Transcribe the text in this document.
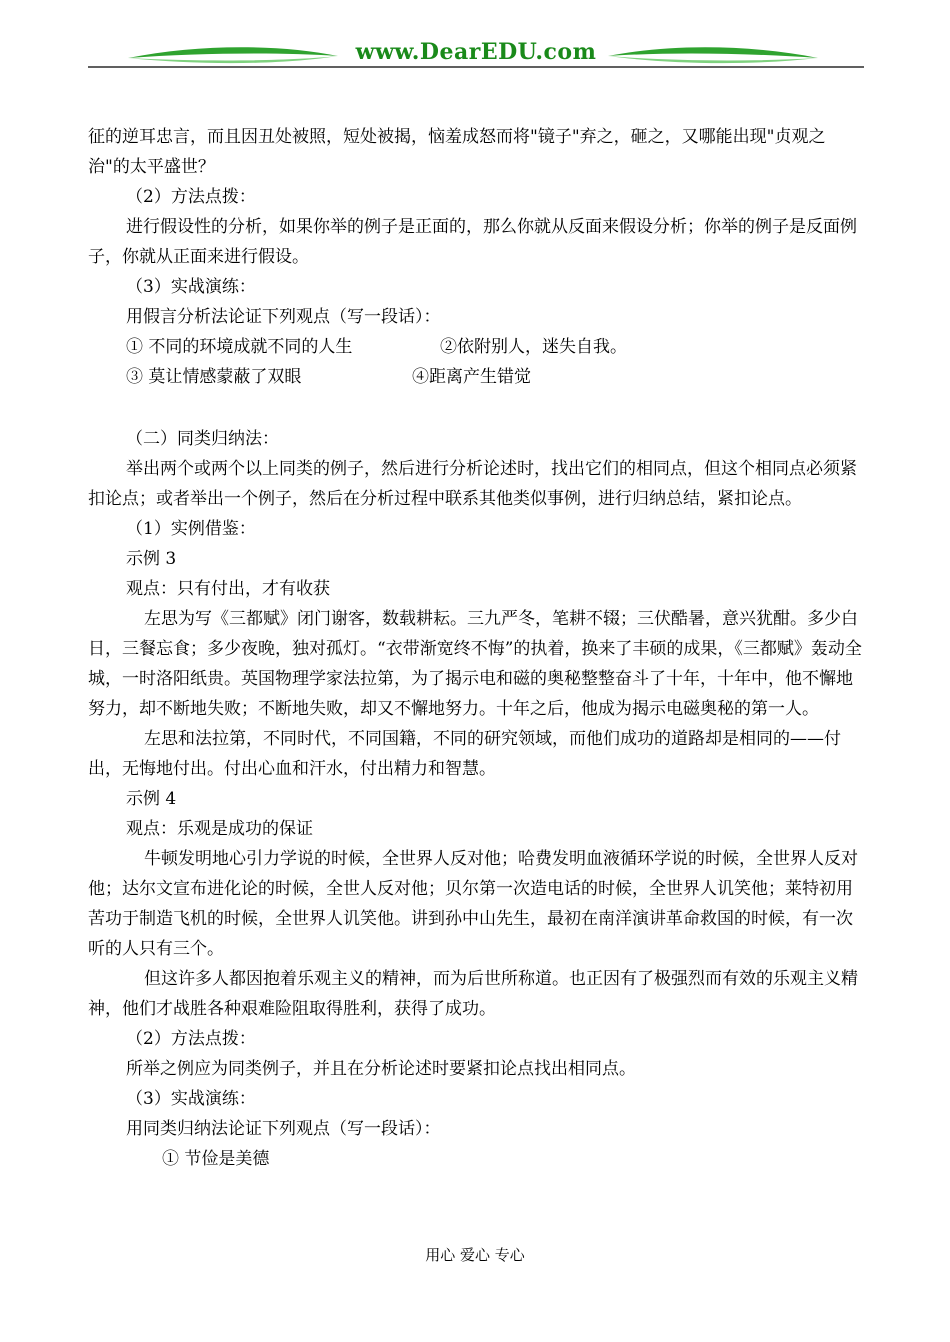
www.DearEDU.com

征的逆耳忠言，而且因丑处被照，短处被揭，恼羞成怒而将"镜子"弃之，砸之，又哪能出现"贞观之治"的太平盛世？

（2）方法点拨：

进行假设性的分析，如果你举的例子是正面的，那么你就从反面来假设分析；你举的例子是反面例子，你就从正面来进行假设。

（3）实战演练：

用假言分析法论证下列观点（写一段话）：

① 不同的环境成就不同的人生	②依附别人，迷失自我。
③ 莫让情感蒙蔽了双眼	④距离产生错觉

（二）同类归纳法：

举出两个或两个以上同类的例子，然后进行分析论述时，找出它们的相同点，但这个相同点必须紧扣论点；或者举出一个例子，然后在分析过程中联系其他类似事例，进行归纳总结，紧扣论点。

（1）实例借鉴：

示例 3

观点：只有付出，才有收获

左思为写《三都赋》闭门谢客，数载耕耘。三九严冬，笔耕不辍；三伏酷暑，意兴犹酣。多少白日，三餐忘食；多少夜晚，独对孤灯。“衣带渐宽终不悔”的执着，换来了丰硕的成果，《三都赋》轰动全城，一时洛阳纸贵。英国物理学家法拉第，为了揭示电和磁的奥秘整整奋斗了十年，十年中，他不懈地努力，却不断地失败；不断地失败，却又不懈地努力。十年之后，他成为揭示电磁奥秘的第一人。

左思和法拉第，不同时代，不同国籍，不同的研究领域，而他们成功的道路却是相同的——付出，无悔地付出。付出心血和汗水，付出精力和智慧。

示例 4

观点：乐观是成功的保证

牛顿发明地心引力学说的时候，全世界人反对他；哈费发明血液循环学说的时候，全世界人反对他；达尔文宣布进化论的时候，全世人反对他；贝尔第一次造电话的时候，全世界人讥笑他；莱特初用苦功于制造飞机的时候，全世界人讥笑他。讲到孙中山先生，最初在南洋演讲革命救国的时候，有一次听的人只有三个。

但这许多人都因抱着乐观主义的精神，而为后世所称道。也正因有了极强烈而有效的乐观主义精神，他们才战胜各种艰难险阻取得胜利，获得了成功。

（2）方法点拨：

所举之例应为同类例子，并且在分析论述时要紧扣论点找出相同点。

（3）实战演练：

用同类归纳法论证下列观点（写一段话）：

① 节俭是美德

用心 爱心 专心
